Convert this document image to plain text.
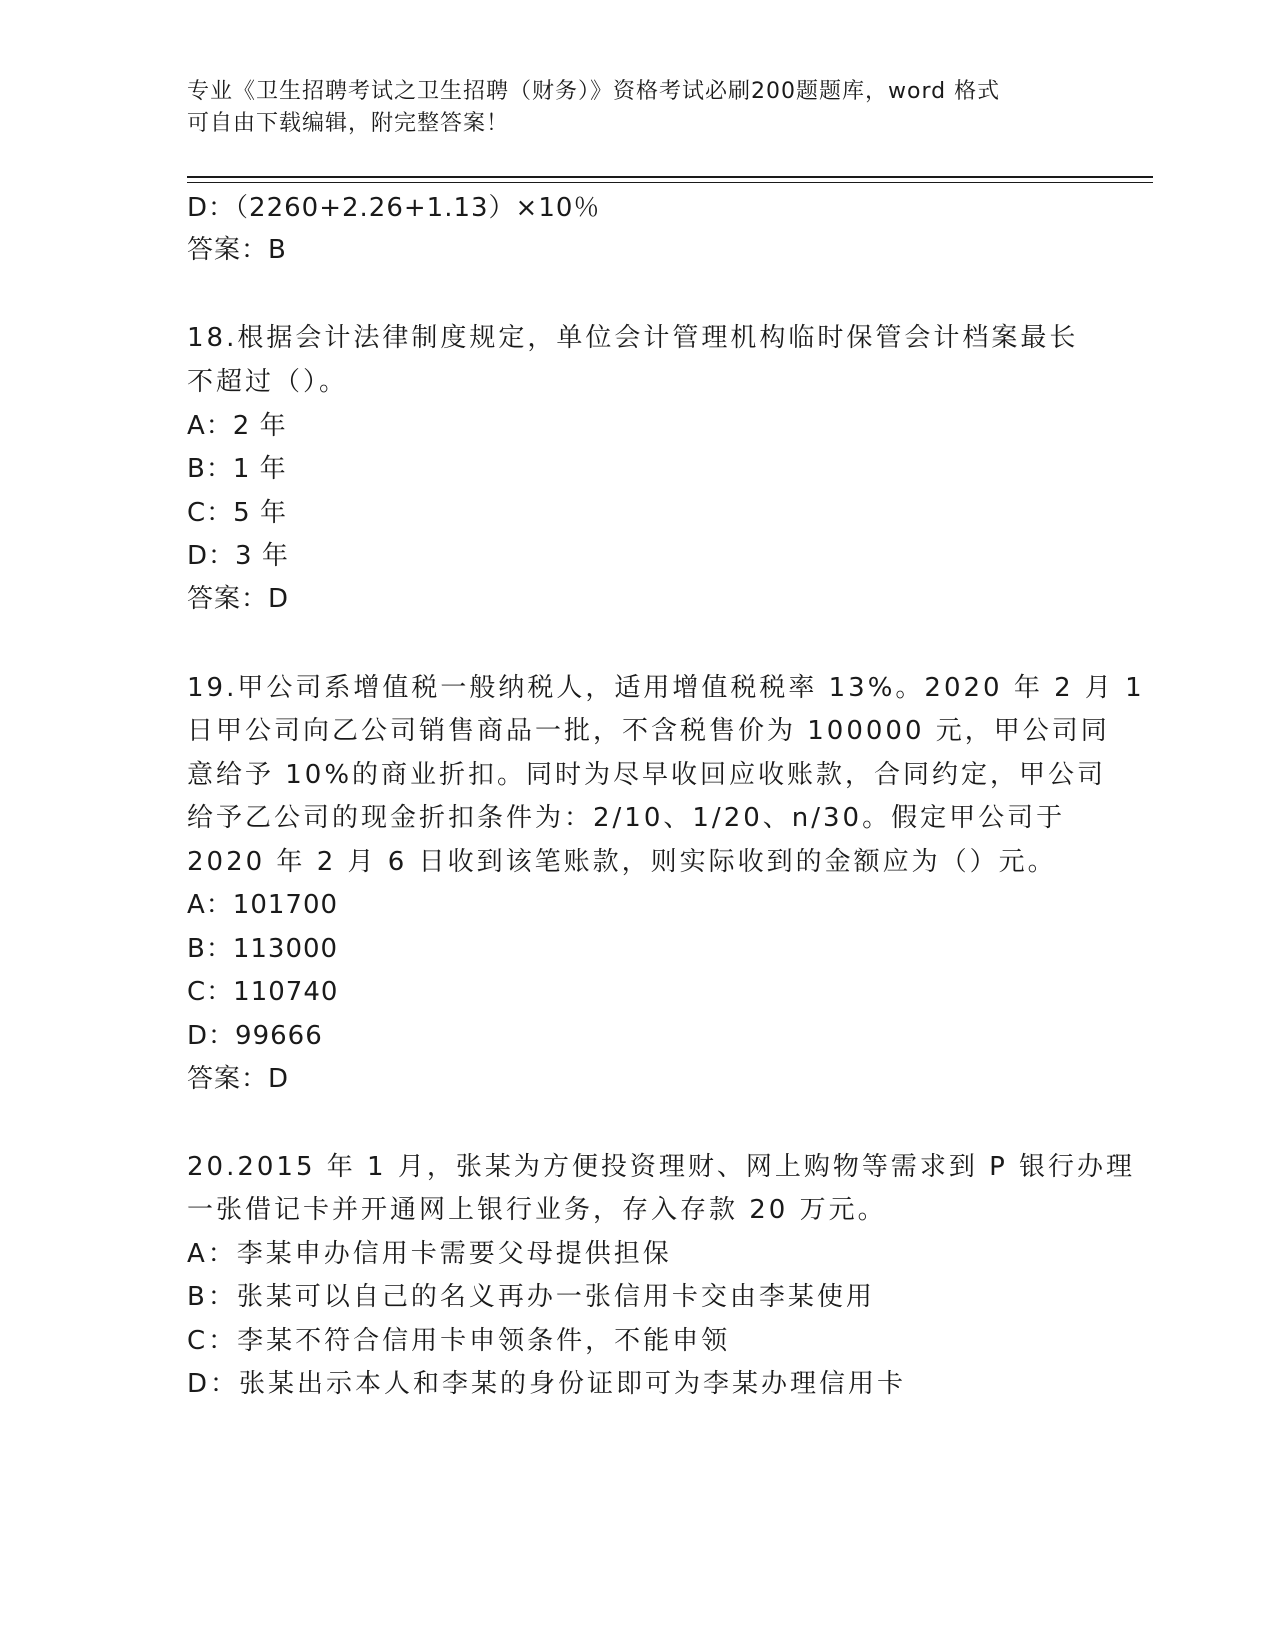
专业《卫生招聘考试之卫生招聘（财务）》资格考试必刷200题题库，word 格式
可自由下载编辑，附完整答案！
D：（2260+2.26+1.13）×10％
答案：B
18.根据会计法律制度规定，单位会计管理机构临时保管会计档案最长
不超过（）。
A：2 年
B：1 年
C：5 年
D：3 年
答案：D
19.甲公司系增值税一般纳税人，适用增值税税率 13%。2020 年 2 月 1
日甲公司向乙公司销售商品一批，不含税售价为 100000 元，甲公司同
意给予 10%的商业折扣。同时为尽早收回应收账款，合同约定，甲公司
给予乙公司的现金折扣条件为：2/10、1/20、n/30。假定甲公司于
2020 年 2 月 6 日收到该笔账款，则实际收到的金额应为（）元。
A：101700
B：113000
C：110740
D：99666
答案：D
20.2015 年 1 月，张某为方便投资理财、网上购物等需求到 P 银行办理
一张借记卡并开通网上银行业务，存入存款 20 万元。
A：李某申办信用卡需要父母提供担保
B：张某可以自己的名义再办一张信用卡交由李某使用
C：李某不符合信用卡申领条件，不能申领
D：张某出示本人和李某的身份证即可为李某办理信用卡
